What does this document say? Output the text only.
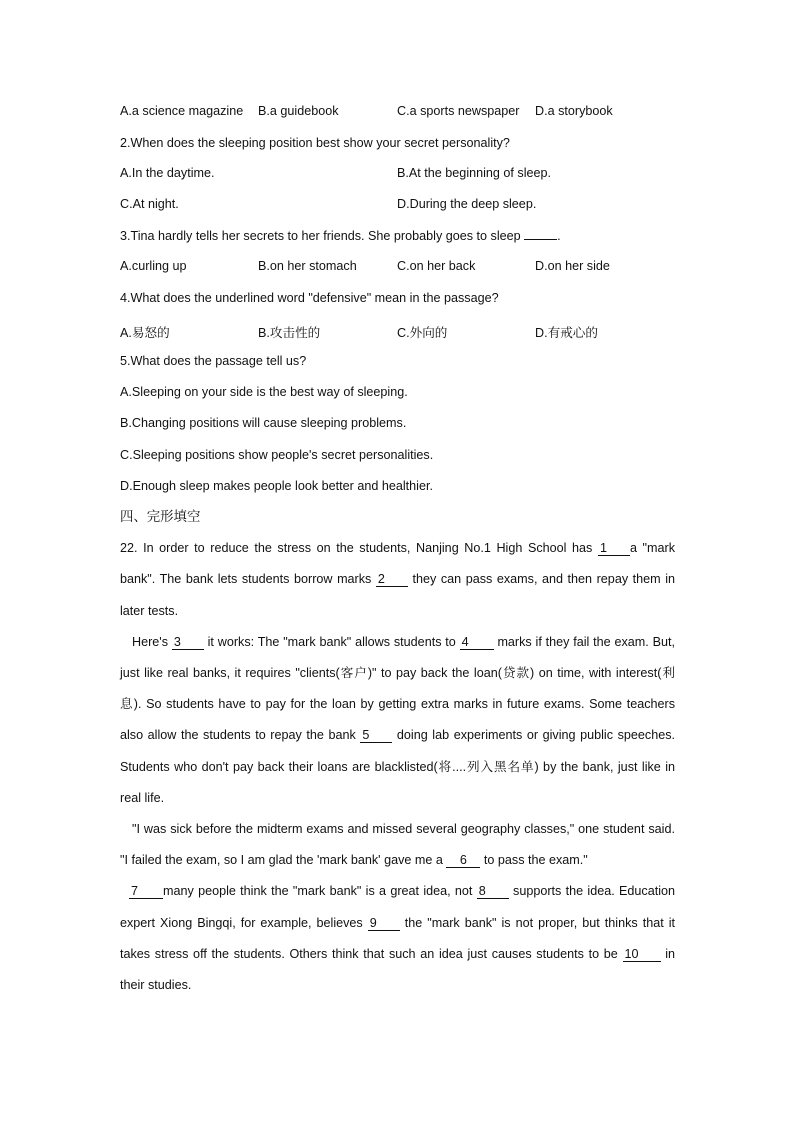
A.a science magazine B.a guidebook	C.a sports newspaper D.a storybook
2.When does the sleeping position best show your secret personality?
A.In the daytime.	B.At the beginning of sleep.
C.At night.	D.During the deep sleep.
3.Tina hardly tells her secrets to her friends. She probably goes to sleep	.
A.curling up	B.on her stomach	C.on her back	D.on her side
4.What does the underlined word "defensive" mean in the passage?
A.易怒的	B.攻击性的	C.外向的	D.有戒心的
5.What does the passage tell us?
A.Sleeping on your side is the best way of sleeping.
B.Changing positions will cause sleeping problems.
C.Sleeping positions show people's secret personalities.
D.Enough sleep makes people look better and healthier.
四、完形填空
22. In order to reduce the stress on the students, Nanjing No.1 High School has 1 a "mark
bank". The bank lets students borrow marks 2 they can pass exams, and then repay them in
later tests.
Here's 3 it works: The "mark bank" allows students to 4 marks if they fail the exam. But,
just like real banks, it requires "clients(客户)" to pay back the loan(贷款) on time, with interest(利
息). So students have to pay for the loan by getting extra marks in future exams. Some teachers
also allow the students to repay the bank 5 doing lab experiments or giving public speeches.
Students who don't pay back their loans are blacklisted(将....列入黑名单) by the bank, just like in
real life.
"I was sick before the midterm exams and missed several geography classes," one student said.
"I failed the exam, so I am glad the 'mark bank' gave me a 6 to pass the exam."
7 many people think the "mark bank" is a great idea, not 8 supports the idea. Education
expert Xiong Bingqi, for example, believes 9 the "mark bank" is not proper, but thinks that it
takes stress off the students. Others think that such an idea just causes students to be 10 in
their studies.
